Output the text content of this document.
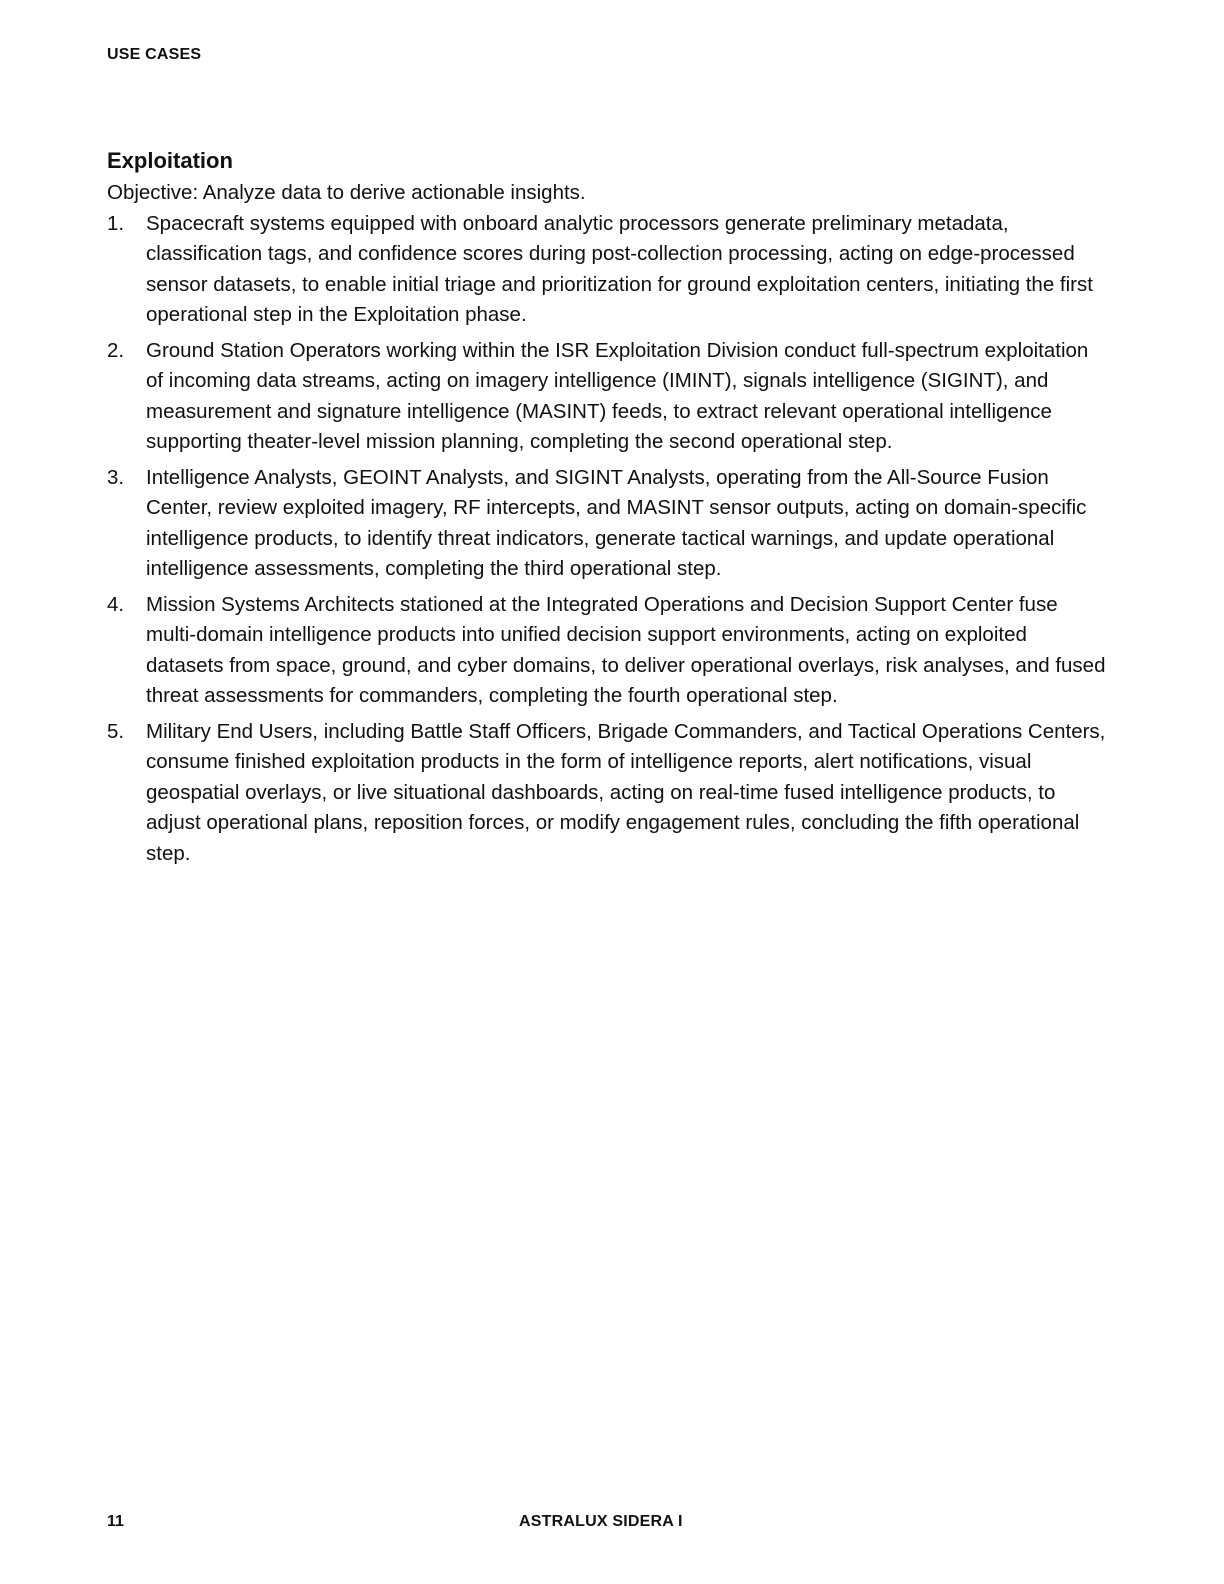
USE CASES
Exploitation

Objective: Analyze data to derive actionable insights.

1. Spacecraft systems equipped with onboard analytic processors generate preliminary metadata, classification tags, and confidence scores during post-collection processing, acting on edge-processed sensor datasets, to enable initial triage and prioritization for ground exploitation centers, initiating the first operational step in the Exploitation phase.
2. Ground Station Operators working within the ISR Exploitation Division conduct full-spectrum exploitation of incoming data streams, acting on imagery intelligence (IMINT), signals intelligence (SIGINT), and measurement and signature intelligence (MASINT) feeds, to extract relevant operational intelligence supporting theater-level mission planning, completing the second operational step.
3. Intelligence Analysts, GEOINT Analysts, and SIGINT Analysts, operating from the All-Source Fusion Center, review exploited imagery, RF intercepts, and MASINT sensor outputs, acting on domain-specific intelligence products, to identify threat indicators, generate tactical warnings, and update operational intelligence assessments, completing the third operational step.
4. Mission Systems Architects stationed at the Integrated Operations and Decision Support Center fuse multi-domain intelligence products into unified decision support environments, acting on exploited datasets from space, ground, and cyber domains, to deliver operational overlays, risk analyses, and fused threat assessments for commanders, completing the fourth operational step.
5. Military End Users, including Battle Staff Officers, Brigade Commanders, and Tactical Operations Centers, consume finished exploitation products in the form of intelligence reports, alert notifications, visual geospatial overlays, or live situational dashboards, acting on real-time fused intelligence products, to adjust operational plans, reposition forces, or modify engagement rules, concluding the fifth operational step.
11	ASTRALUX SIDERA I
